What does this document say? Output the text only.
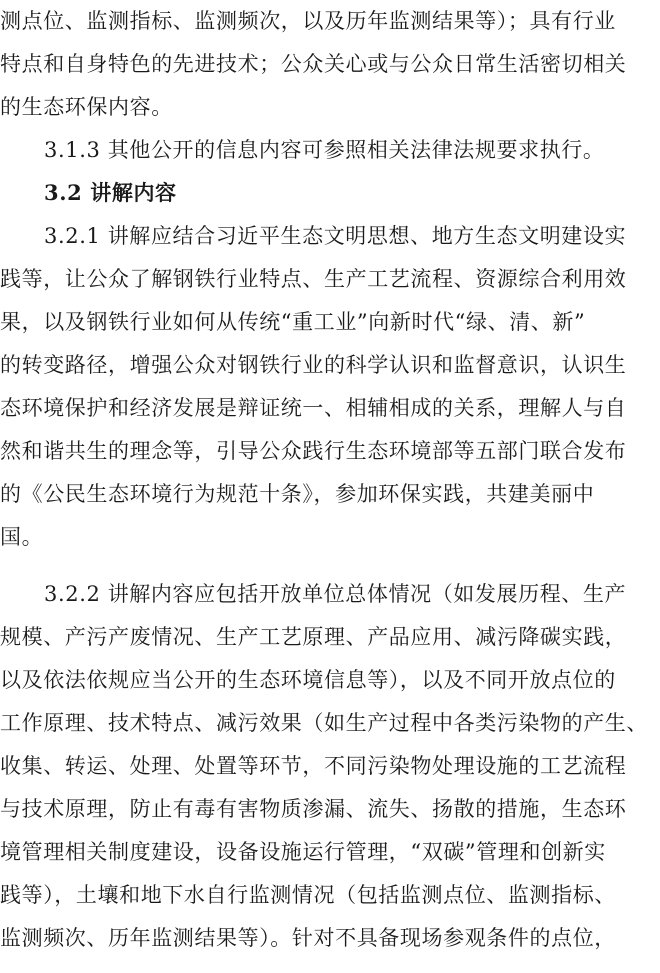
测点位、监测指标、监测频次，以及历年监测结果等）；具有行业
特点和自身特色的先进技术；公众关心或与公众日常生活密切相关
的生态环保内容。
3.1.3 其他公开的信息内容可参照相关法律法规要求执行。
3.2 讲解内容
3.2.1 讲解应结合习近平生态文明思想、地方生态文明建设实
践等，让公众了解钢铁行业特点、生产工艺流程、资源综合利用效
果，以及钢铁行业如何从传统“重工业”向新时代“绿、清、新”
的转变路径，增强公众对钢铁行业的科学认识和监督意识，认识生
态环境保护和经济发展是辩证统一、相辅相成的关系，理解人与自
然和谐共生的理念等，引导公众践行生态环境部等五部门联合发布
的《公民生态环境行为规范十条》，参加环保实践，共建美丽中
国。
3.2.2 讲解内容应包括开放单位总体情况（如发展历程、生产
规模、产污产废情况、生产工艺原理、产品应用、减污降碳实践，
以及依法依规应当公开的生态环境信息等），以及不同开放点位的
工作原理、技术特点、减污效果（如生产过程中各类污染物的产生、
收集、转运、处理、处置等环节，不同污染物处理设施的工艺流程
与技术原理，防止有毒有害物质渗漏、流失、扬散的措施，生态环
境管理相关制度建设，设备设施运行管理，“双碳”管理和创新实
践等），土壤和地下水自行监测情况（包括监测点位、监测指标、
监测频次、历年监测结果等）。针对不具备现场参观条件的点位，
